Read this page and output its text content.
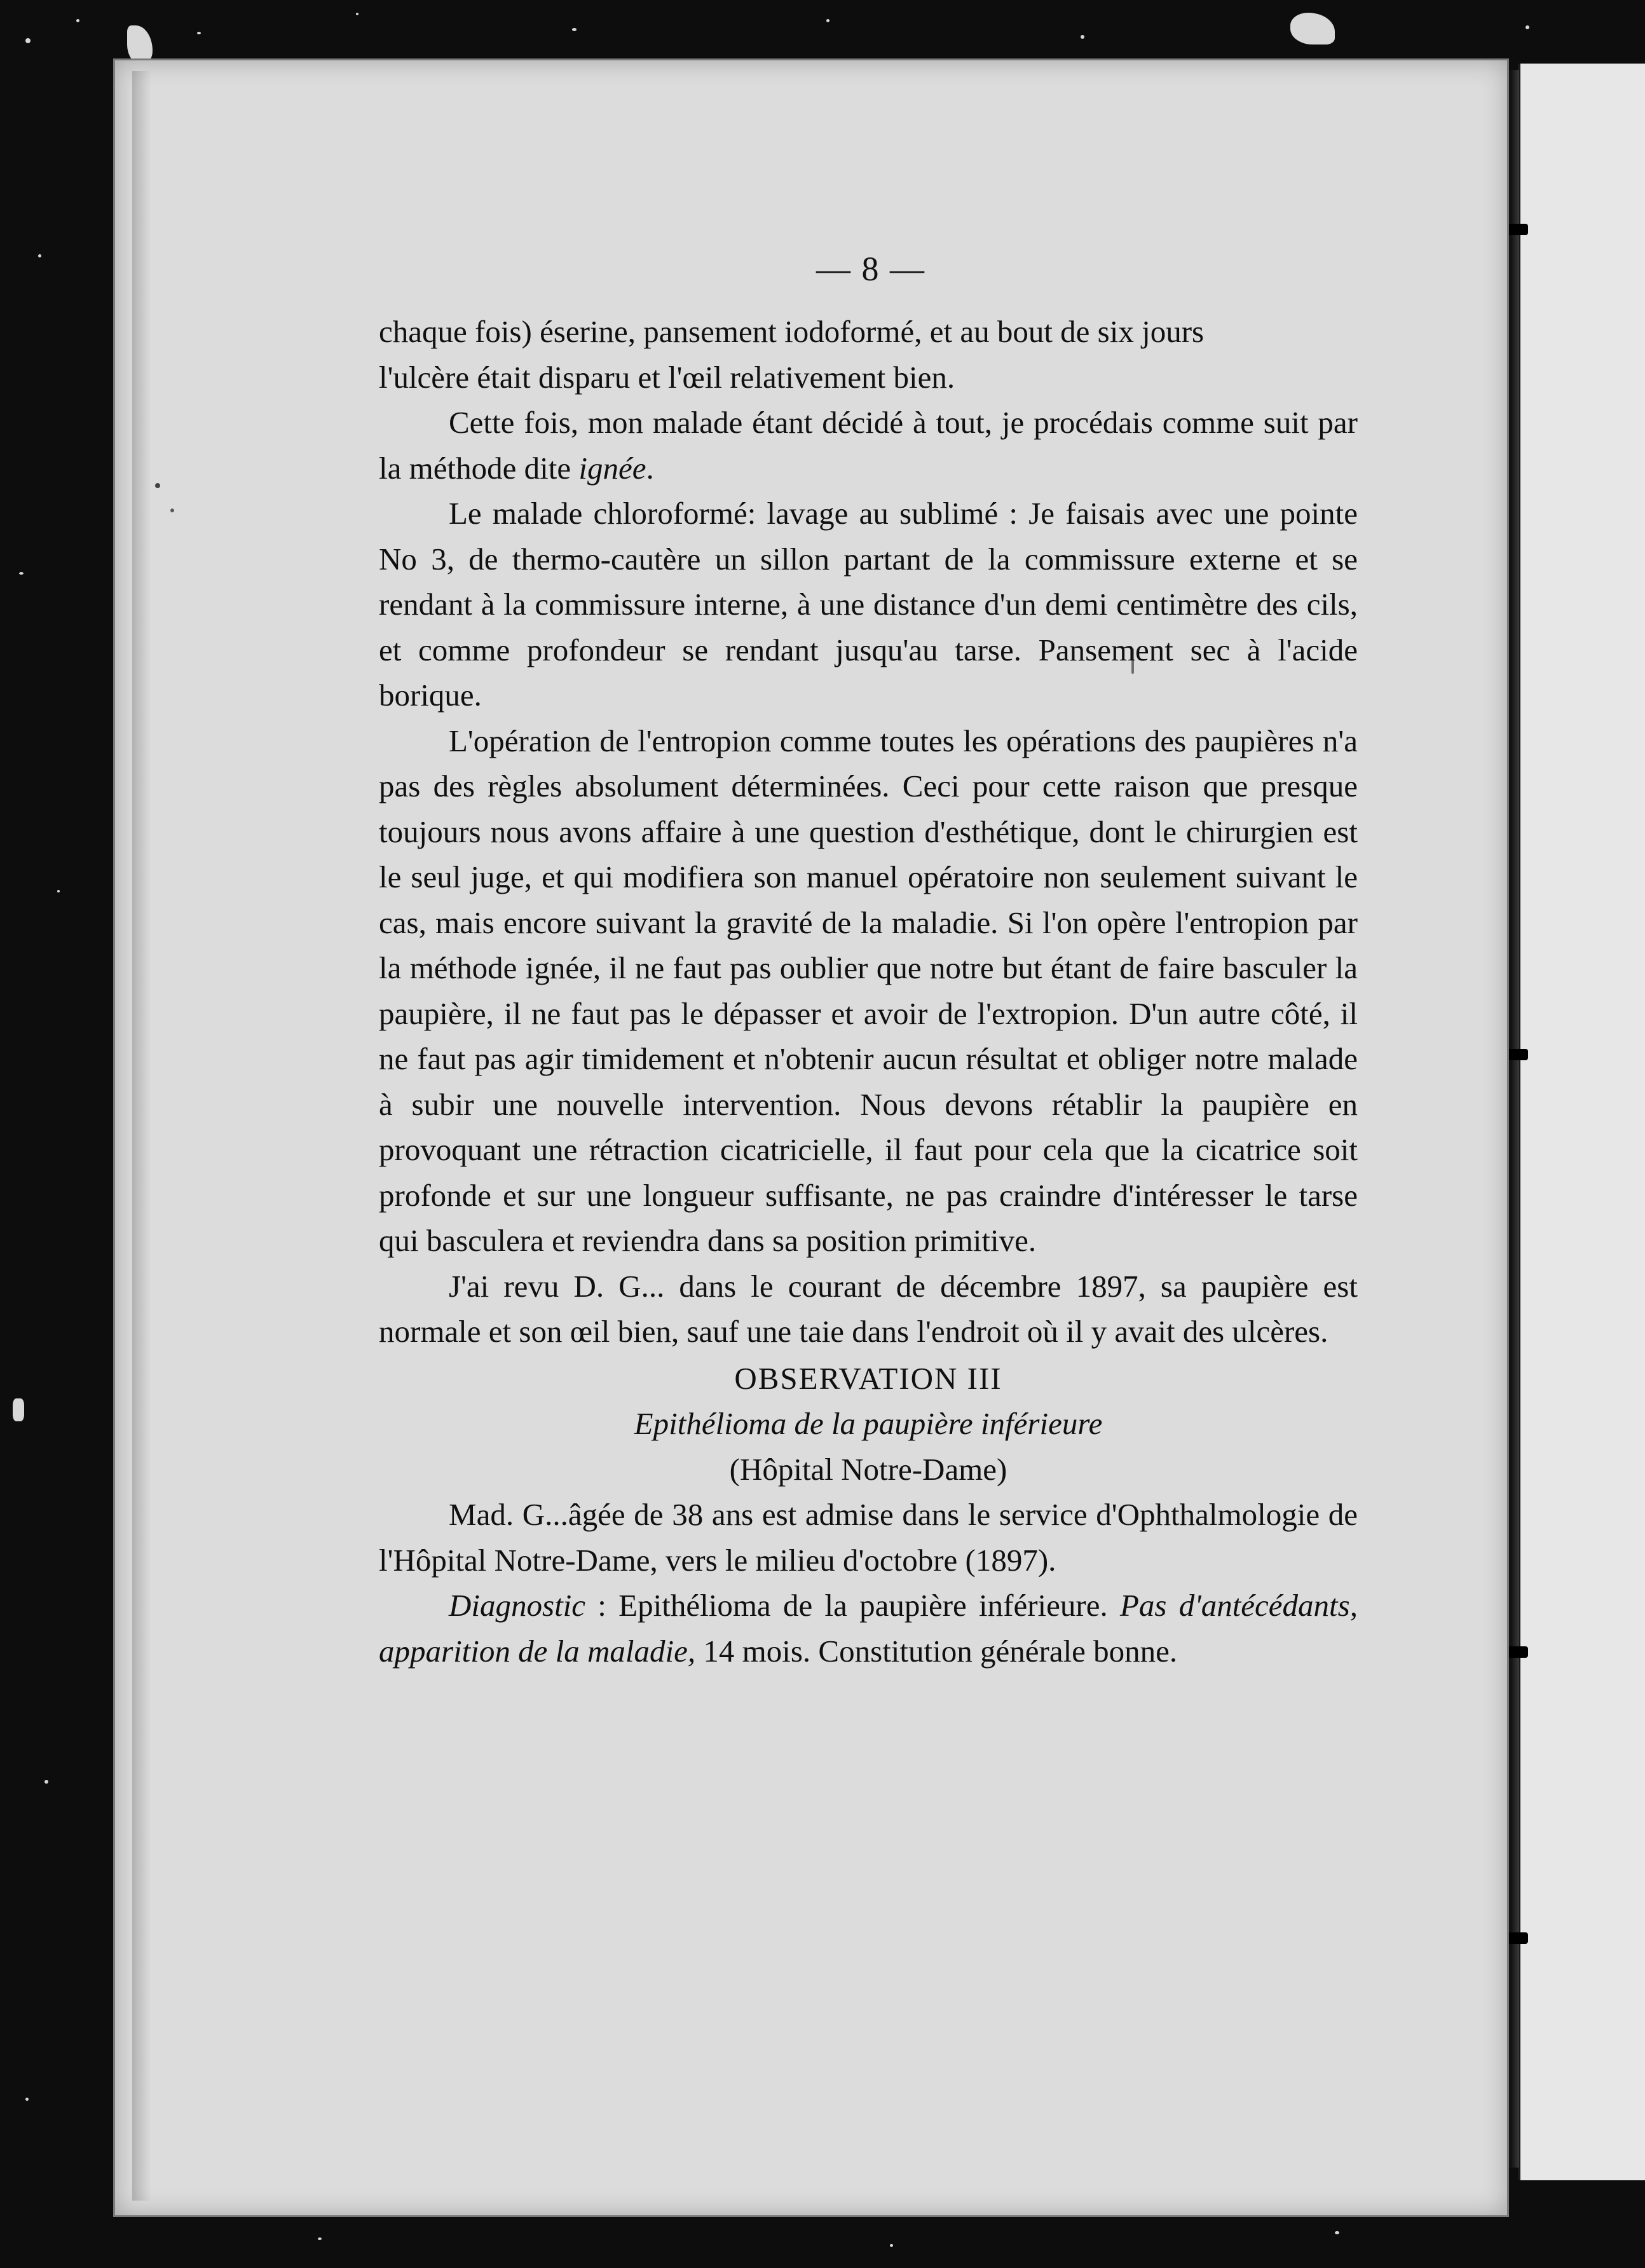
— 8 —

chaque fois) éserine, pansement iodoformé, et au bout de six jours

l'ulcère était disparu et l'œil relativement bien.

Cette fois, mon malade étant décidé à tout, je procédais comme suit par la méthode dite ignée.

Le malade chloroformé: lavage au sublimé : Je faisais avec une pointe No 3, de thermo-cautère un sillon partant de la commissure externe et se rendant à la commissure interne, à une distance d'un demi centimètre des cils, et comme profondeur se rendant jusqu'au tarse. Pansement sec à l'acide borique.

L'opération de l'entropion comme toutes les opérations des paupières n'a pas des règles absolument déterminées. Ceci pour cette raison que presque toujours nous avons affaire à une question d'esthétique, dont le chirurgien est le seul juge, et qui modifiera son manuel opératoire non seulement suivant le cas, mais encore suivant la gravité de la maladie. Si l'on opère l'entropion par la méthode ignée, il ne faut pas oublier que notre but étant de faire basculer la paupière, il ne faut pas le dépasser et avoir de l'extropion. D'un autre côté, il ne faut pas agir timidement et n'obtenir aucun résultat et obliger notre malade à subir une nouvelle intervention. Nous devons rétablir la paupière en provoquant une rétraction cicatricielle, il faut pour cela que la cicatrice soit profonde et sur une longueur suffisante, ne pas craindre d'intéresser le tarse qui basculera et reviendra dans sa position primitive.

J'ai revu D. G... dans le courant de décembre 1897, sa paupière est normale et son œil bien, sauf une taie dans l'endroit où il y avait des ulcères.

OBSERVATION III

Epithélioma de la paupière inférieure

(Hôpital Notre-Dame)

Mad. G...âgée de 38 ans est admise dans le service d'Ophthalmologie de l'Hôpital Notre-Dame, vers le milieu d'octobre (1897).

Diagnostic : Epithélioma de la paupière inférieure. Pas d'antécédants, apparition de la maladie, 14 mois. Constitution générale bonne.
